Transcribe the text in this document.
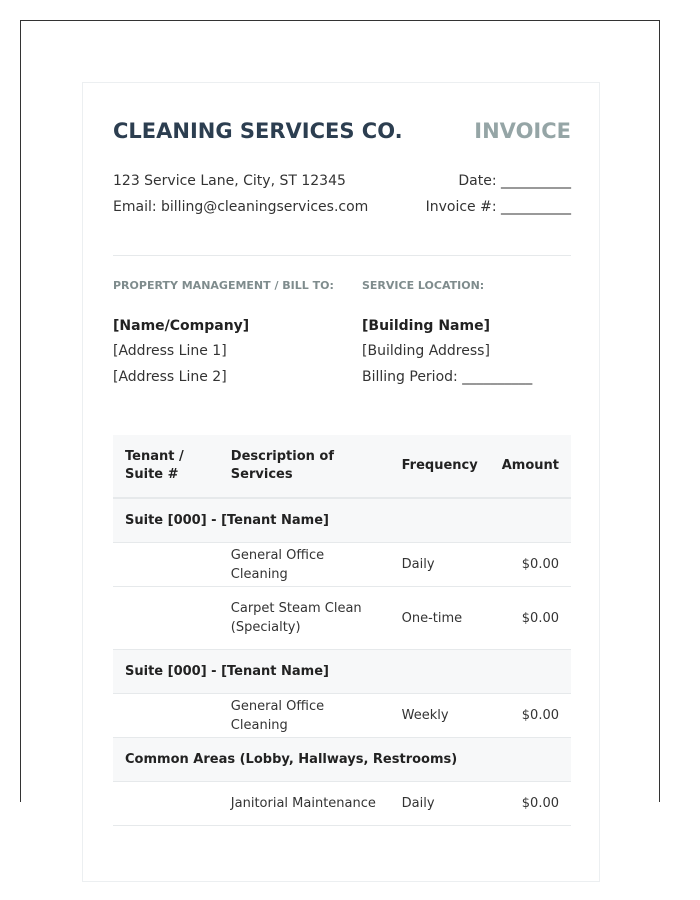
CLEANING SERVICES CO.	INVOICE
123 Service Lane, City, ST 12345
Email: billing@cleaningservices.com
Date: __________
Invoice #: __________
PROPERTY MANAGEMENT / BILL TO:	SERVICE LOCATION:
[Name/Company]
[Address Line 1]
[Address Line 2]
[Building Name]
[Building Address]
Billing Period: __________
Tenant /
Suite #	Description of Services	Frequency	Amount
Suite [000] - [Tenant Name]			
	General Office Cleaning	Daily	$0.00
	Carpet Steam Clean
(Specialty)	One-time	$0.00
Suite [000] - [Tenant Name]			
	General Office Cleaning	Weekly	$0.00
Common Areas (Lobby, Hallways, Restrooms)			
	Janitorial Maintenance	Daily	$0.00
